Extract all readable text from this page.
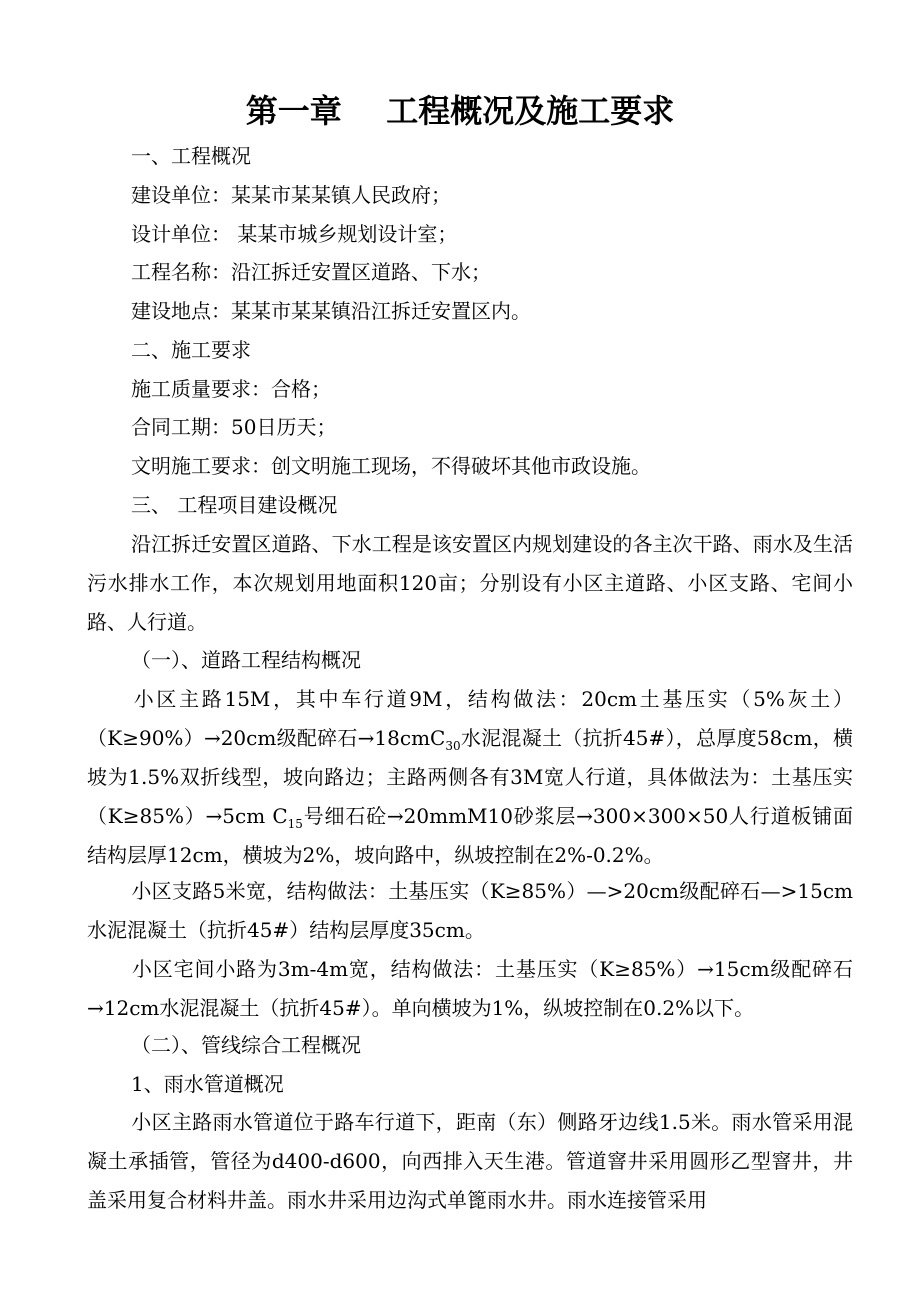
第一章    工程概况及施工要求
一、工程概况
建设单位：某某市某某镇人民政府；
设计单位： 某某市城乡规划设计室；
工程名称：沿江拆迁安置区道路、下水；
建设地点：某某市某某镇沿江拆迁安置区内。
二、施工要求
施工质量要求：合格；
合同工期：50日历天；
文明施工要求：创文明施工现场，不得破坏其他市政设施。
三、 工程项目建设概况
沿江拆迁安置区道路、下水工程是该安置区内规划建设的各主次干路、雨水及生活污水排水工作，本次规划用地面积120亩；分别设有小区主道路、小区支路、宅间小路、人行道。
（一）、道路工程结构概况
小区主路15M，其中车行道9M，结构做法：20cm土基压实（5%灰土）（K≥90%）→20cm级配碎石→18cmC$_{30}$水泥混凝土（抗折45#），总厚度58cm，横坡为1.5%双折线型，坡向路边；主路两侧各有3M宽人行道，具体做法为：土基压实（K≥85%）→5cm $C_{15}$号细石砼→20mmM10砂浆层→300×300×50人行道板铺面结构层厚12cm，横坡为2%，坡向路中，纵坡控制在2%-0.2%。
小区支路5米宽，结构做法：土基压实（K≥85%）—>20cm级配碎石—>15cm水泥混凝土（抗折45#）结构层厚度35cm。
小区宅间小路为3m-4m宽，结构做法：土基压实（K≥85%）→15cm级配碎石→12cm水泥混凝土（抗折45#）。单向横坡为1%，纵坡控制在0.2%以下。
（二）、管线综合工程概况
1、雨水管道概况
小区主路雨水管道位于路车行道下，距南（东）侧路牙边线1.5米。雨水管采用混凝土承插管，管径为d400-d600，向西排入天生港。管道窨井采用圆形乙型窨井，井盖采用复合材料井盖。雨水井采用边沟式单篦雨水井。雨水连接管采用
